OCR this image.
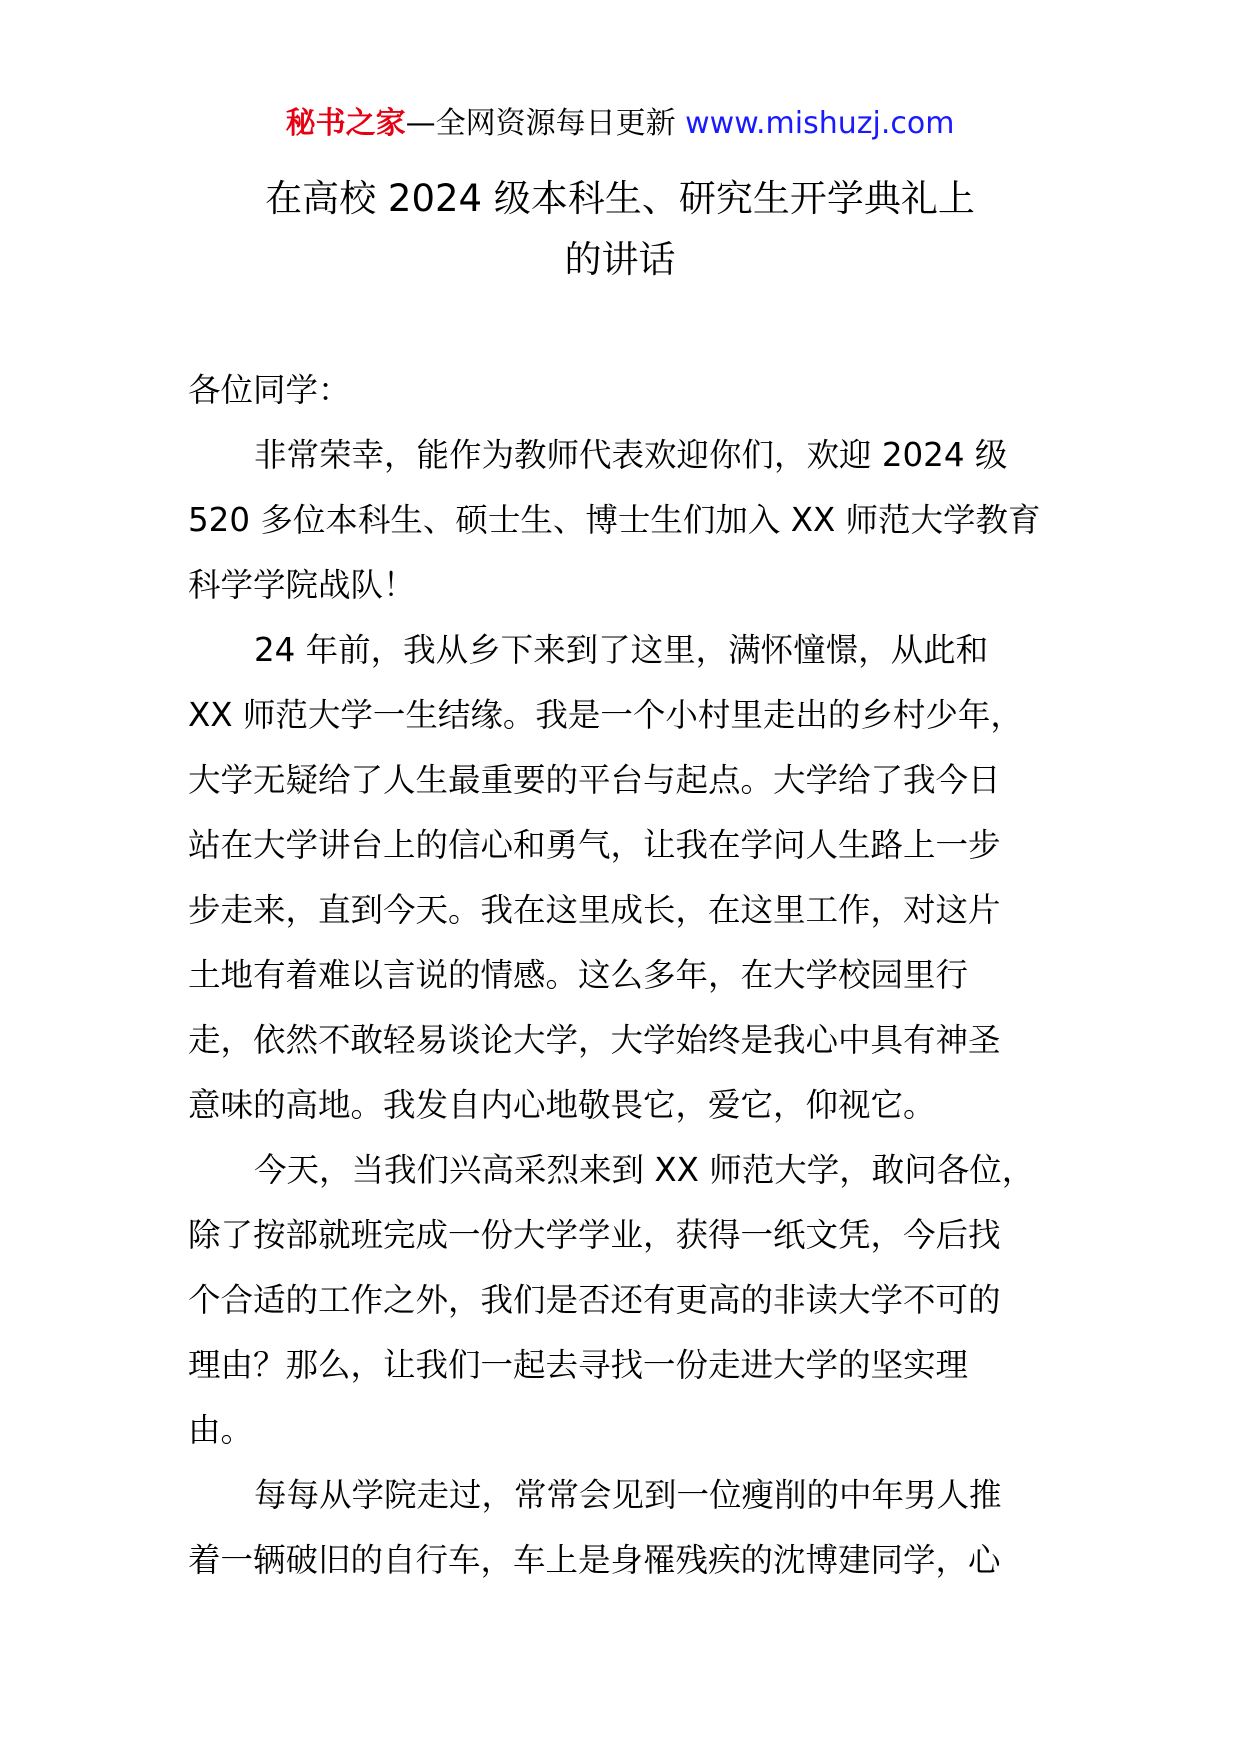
秘书之家—全网资源每日更新 www.mishuzj.com
在高校 2024 级本科生、研究生开学典礼上
的讲话
各位同学：
非常荣幸，能作为教师代表欢迎你们，欢迎 2024 级
520 多位本科生、硕士生、博士生们加入 XX 师范大学教育
科学学院战队！
24 年前，我从乡下来到了这里，满怀憧憬，从此和
XX 师范大学一生结缘。我是一个小村里走出的乡村少年，
大学无疑给了人生最重要的平台与起点。大学给了我今日
站在大学讲台上的信心和勇气，让我在学问人生路上一步
步走来，直到今天。我在这里成长，在这里工作，对这片
土地有着难以言说的情感。这么多年，在大学校园里行
走，依然不敢轻易谈论大学，大学始终是我心中具有神圣
意味的高地。我发自内心地敬畏它，爱它，仰视它。
今天，当我们兴高采烈来到 XX 师范大学，敢问各位，
除了按部就班完成一份大学学业，获得一纸文凭，今后找
个合适的工作之外，我们是否还有更高的非读大学不可的
理由？那么，让我们一起去寻找一份走进大学的坚实理
由。
每每从学院走过，常常会见到一位瘦削的中年男人推
着一辆破旧的自行车，车上是身罹残疾的沈博建同学，心
